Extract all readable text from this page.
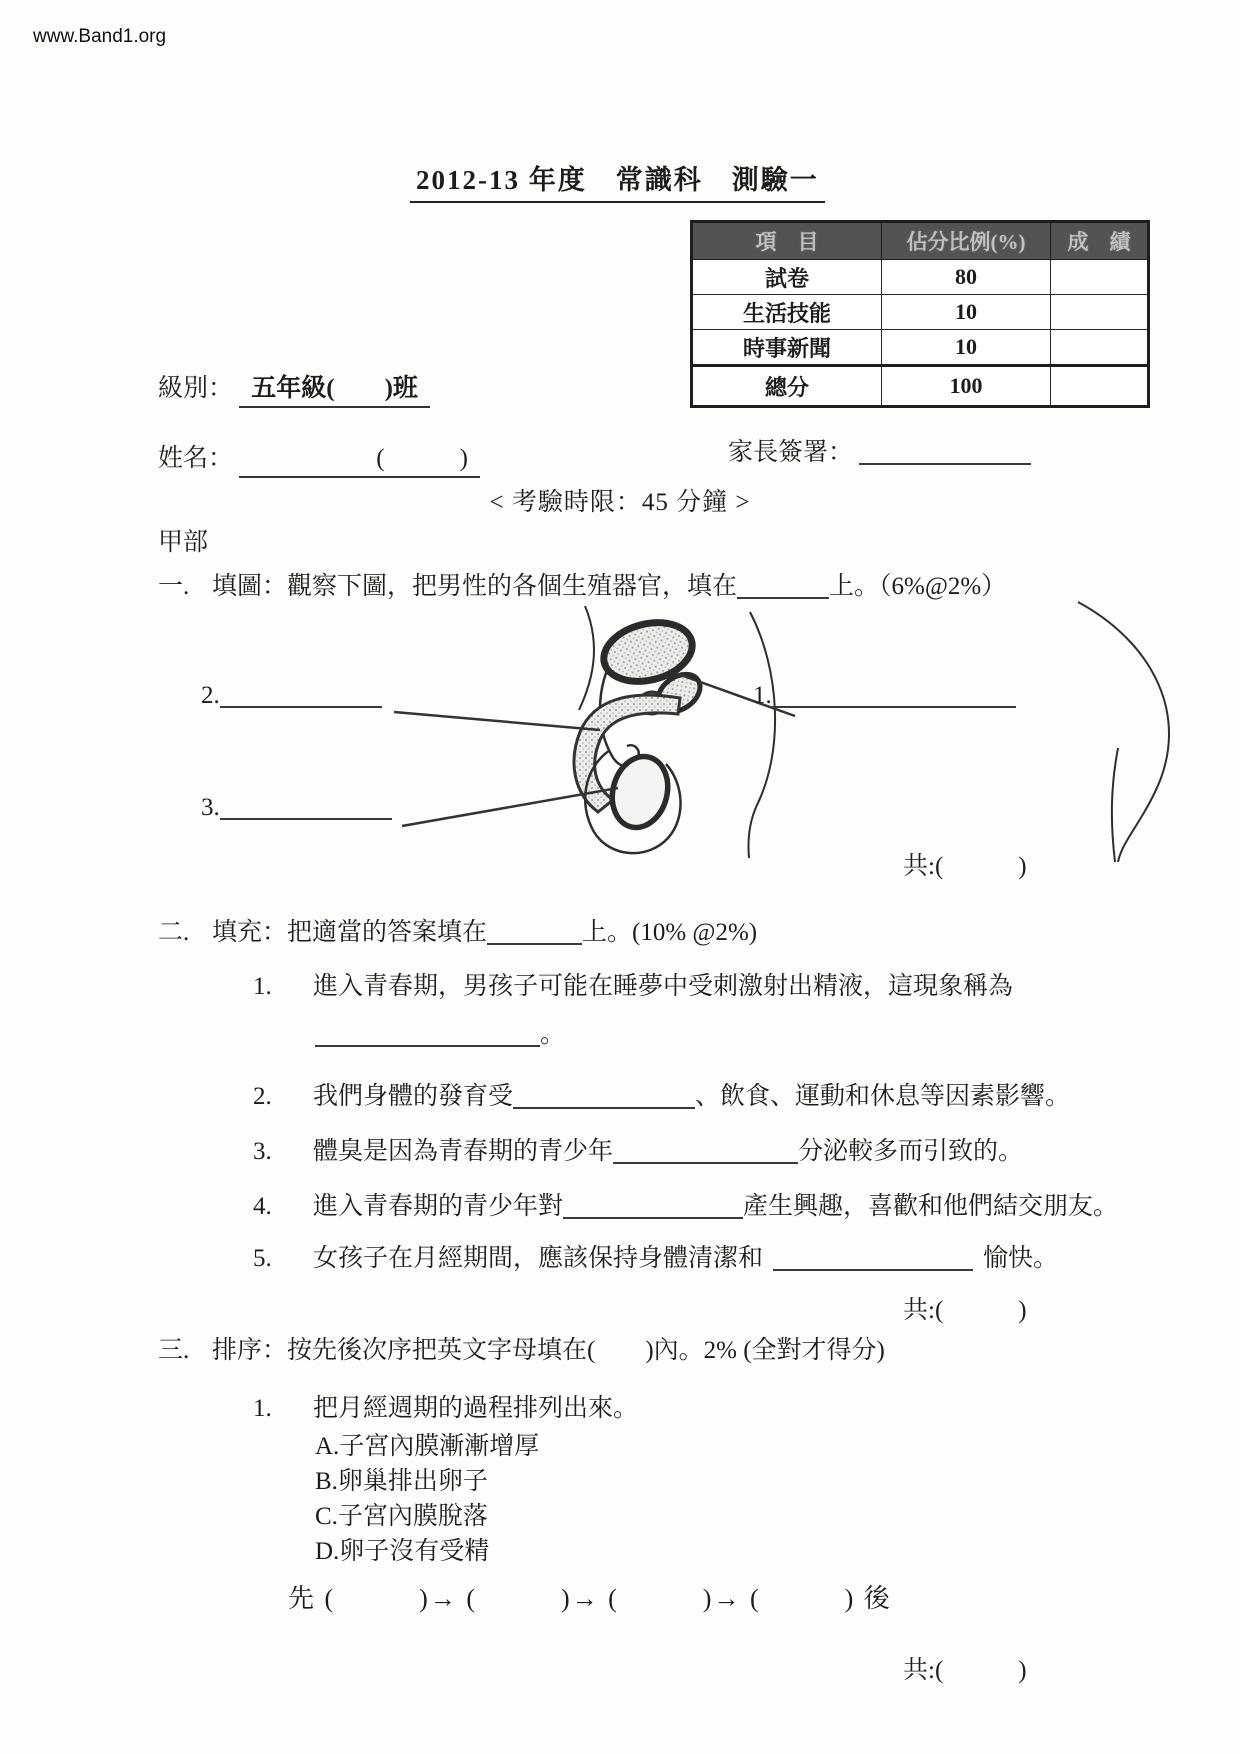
www.Band1.org
2012-13 年度　常識科　測驗一
項　目	佔分比例(%)	成　績
試卷	80	
生活技能	10	
時事新聞	10	
總分	100	
級別： 五年級(　　)班
姓名： 　　　　　(　　　)	家長簽署：
< 考驗時限：45 分鐘 >
甲部
一. 填圖：觀察下圖，把男性的各個生殖器官，填在	上。（6%@2%）
2.	1.
3.
共:(　　　)
二. 填充：把適當的答案填在	上。(10% @2%)
1. 進入青春期，男孩子可能在睡夢中受刺激射出精液，這現象稱為
。
2. 我們身體的發育受	、飲食、運動和休息等因素影響。
3. 體臭是因為青春期的青少年	分泌較多而引致的。
4. 進入青春期的青少年對	產生興趣，喜歡和他們結交朋友。
5. 女孩子在月經期間，應該保持身體清潔和	愉快。
共:(　　　)
三. 排序：按先後次序把英文字母填在(　　)內。2% (全對才得分)
1. 把月經週期的過程排列出來。
A.子宮內膜漸漸增厚
B.卵巢排出卵子
C.子宮內膜脫落
D.卵子沒有受精
先 (　　　)→ (　　　)→ (　　　)→ (　　　) 後
共:(　　　)
